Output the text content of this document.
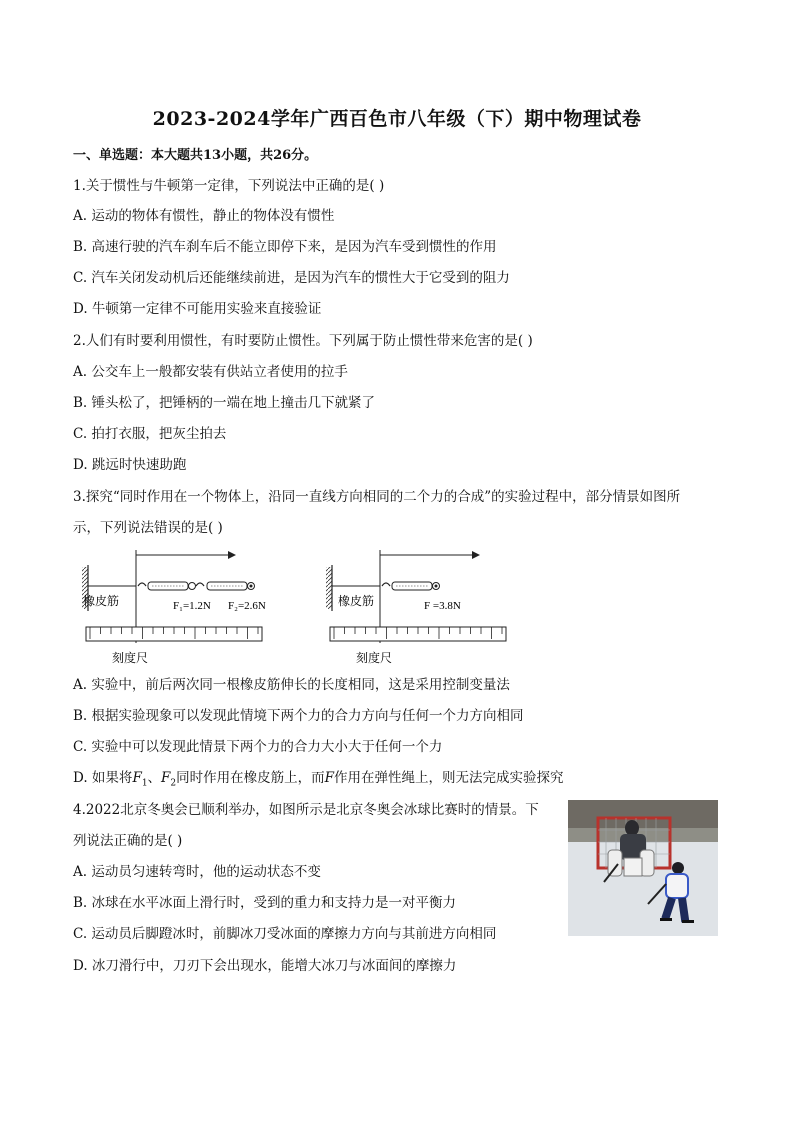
2023-2024学年广西百色市八年级（下）期中物理试卷
一、单选题：本大题共13小题，共26分。
1.关于惯性与牛顿第一定律，下列说法中正确的是( )
A. 运动的物体有惯性，静止的物体没有惯性
B. 高速行驶的汽车刹车后不能立即停下来，是因为汽车受到惯性的作用
C. 汽车关闭发动机后还能继续前进，是因为汽车的惯性大于它受到的阻力
D. 牛顿第一定律不可能用实验来直接验证
2.人们有时要利用惯性，有时要防止惯性。下列属于防止惯性带来危害的是( )
A. 公交车上一般都安装有供站立者使用的拉手
B. 锤头松了，把锤柄的一端在地上撞击几下就紧了
C. 拍打衣服，把灰尘拍去
D. 跳远时快速助跑
3.探究“同时作用在一个物体上，沿同一直线方向相同的二个力的合成”的实验过程中，部分情景如图所
示，下列说法错误的是( )
橡皮筋	F₁=1.2N F₂=2.6N
刻度尺
橡皮筋	F =3.8N
刻度尺
A. 实验中，前后两次同一根橡皮筋伸长的长度相同，这是采用控制变量法
B. 根据实验现象可以发现此情境下两个力的合力方向与任何一个力方向相同
C. 实验中可以发现此情景下两个力的合力大小大于任何一个力
D. 如果将$F_1$、$F_2$同时作用在橡皮筋上，而F作用在弹性绳上，则无法完成实验探究
4.2022北京冬奥会已顺利举办，如图所示是北京冬奥会冰球比赛时的情景。下
列说法正确的是( )
A. 运动员匀速转弯时，他的运动状态不变
B. 冰球在水平冰面上滑行时，受到的重力和支持力是一对平衡力
C. 运动员后脚蹬冰时，前脚冰刀受冰面的摩擦力方向与其前进方向相同
D. 冰刀滑行中，刀刃下会出现水，能增大冰刀与冰面间的摩擦力
